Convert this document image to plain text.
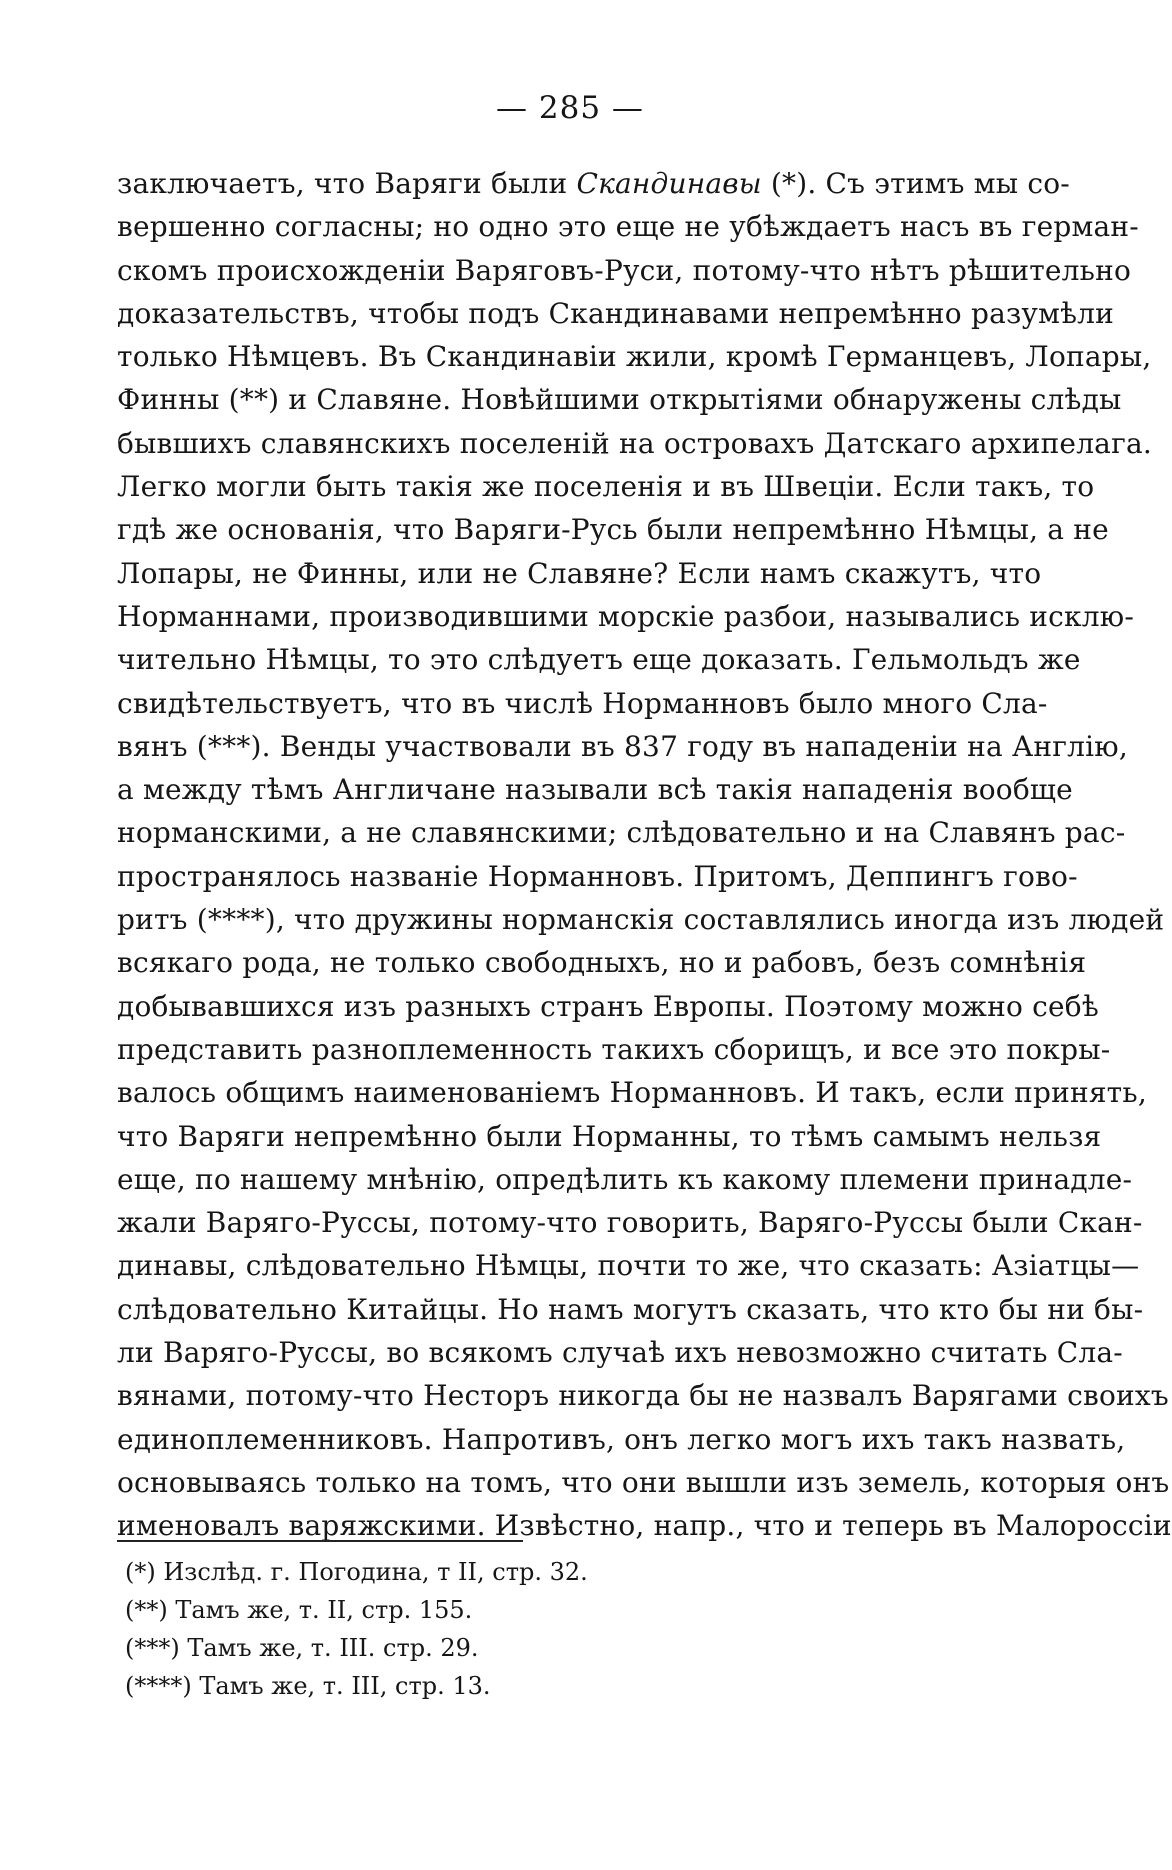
— 285 —
заключаетъ, что Варяги были Скандинавы (*). Съ этимъ мы со-
вершенно согласны; но одно это еще не убѣждаетъ насъ въ герман-
скомъ происхожденіи Варяговъ-Руси, потому-что нѣтъ рѣшительно
доказательствъ, чтобы подъ Скандинавами непремѣнно разумѣли
только Нѣмцевъ. Въ Скандинавіи жили, кромѣ Германцевъ, Лопары,
Финны (**) и Славяне. Новѣйшими открытіями обнаружены слѣды
бывшихъ славянскихъ поселеній на островахъ Датскаго архипелага.
Легко могли быть такія же поселенія и въ Швеціи. Если такъ, то
гдѣ же основанія, что Варяги-Русь были непремѣнно Нѣмцы, а не
Лопары, не Финны, или не Славяне? Если намъ скажутъ, что
Норманнами, производившими морскіе разбои, назывались исклю-
чительно Нѣмцы, то это слѣдуетъ еще доказать. Гельмольдъ же
свидѣтельствуетъ, что въ числѣ Норманновъ было много Сла-
вянъ (***). Венды участвовали въ 837 году въ нападеніи на Англію,
а между тѣмъ Англичане называли всѣ такія нападенія вообще
норманскими, а не славянскими; слѣдовательно и на Славянъ рас-
пространялось названіе Норманновъ. Притомъ, Деппингъ гово-
ритъ (****), что дружины норманскія составлялись иногда изъ людей
всякаго рода, не только свободныхъ, но и рабовъ, безъ сомнѣнія
добывавшихся изъ разныхъ странъ Европы. Поэтому можно себѣ
представить разноплеменность такихъ сборищъ, и все это покры-
валось общимъ наименованіемъ Норманновъ. И такъ, если принять,
что Варяги непремѣнно были Норманны, то тѣмъ самымъ нельзя
еще, по нашему мнѣнію, опредѣлить къ какому племени принадле-
жали Варяго-Руссы, потому-что говорить, Варяго-Руссы были Скан-
динавы, слѣдовательно Нѣмцы, почти то же, что сказать: Азіатцы—
слѣдовательно Китайцы. Но намъ могутъ сказать, что кто бы ни бы-
ли Варяго-Руссы, во всякомъ случаѣ ихъ невозможно считать Сла-
вянами, потому-что Несторъ никогда бы не назвалъ Варягами своихъ
единоплеменниковъ. Напротивъ, онъ легко могъ ихъ такъ назвать,
основываясь только на томъ, что они вышли изъ земель, которыя онъ
именовалъ варяжскими. Извѣстно, напр., что и теперь въ Малороссіи
(*) Изслѣд. г. Погодина, т II, стр. 32.
(**) Тамъ же, т. II, стр. 155.
(***) Тамъ же, т. III. стр. 29.
(****) Тамъ же, т. III, стр. 13.
